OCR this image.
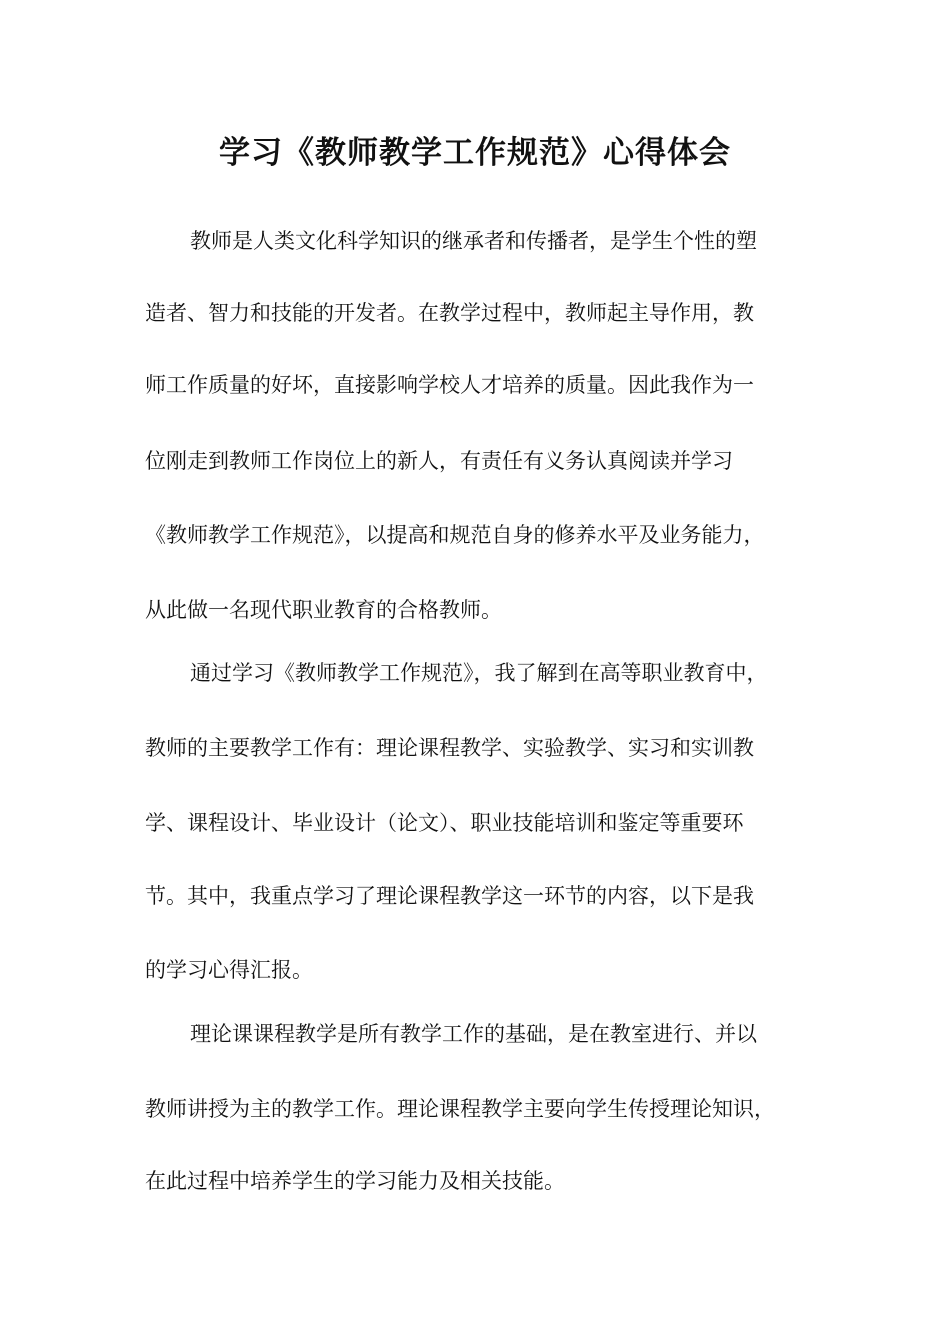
学习《教师教学工作规范》心得体会

教师是人类文化科学知识的继承者和传播者，是学生个性的塑

造者、智力和技能的开发者。在教学过程中，教师起主导作用，教

师工作质量的好坏，直接影响学校人才培养的质量。因此我作为一

位刚走到教师工作岗位上的新人，有责任有义务认真阅读并学习

《教师教学工作规范》，以提高和规范自身的修养水平及业务能力，

从此做一名现代职业教育的合格教师。

通过学习《教师教学工作规范》，我了解到在高等职业教育中，

教师的主要教学工作有：理论课程教学、实验教学、实习和实训教

学、课程设计、毕业设计（论文）、职业技能培训和鉴定等重要环

节。其中，我重点学习了理论课程教学这一环节的内容，以下是我

的学习心得汇报。

理论课课程教学是所有教学工作的基础，是在教室进行、并以

教师讲授为主的教学工作。理论课程教学主要向学生传授理论知识，

在此过程中培养学生的学习能力及相关技能。
